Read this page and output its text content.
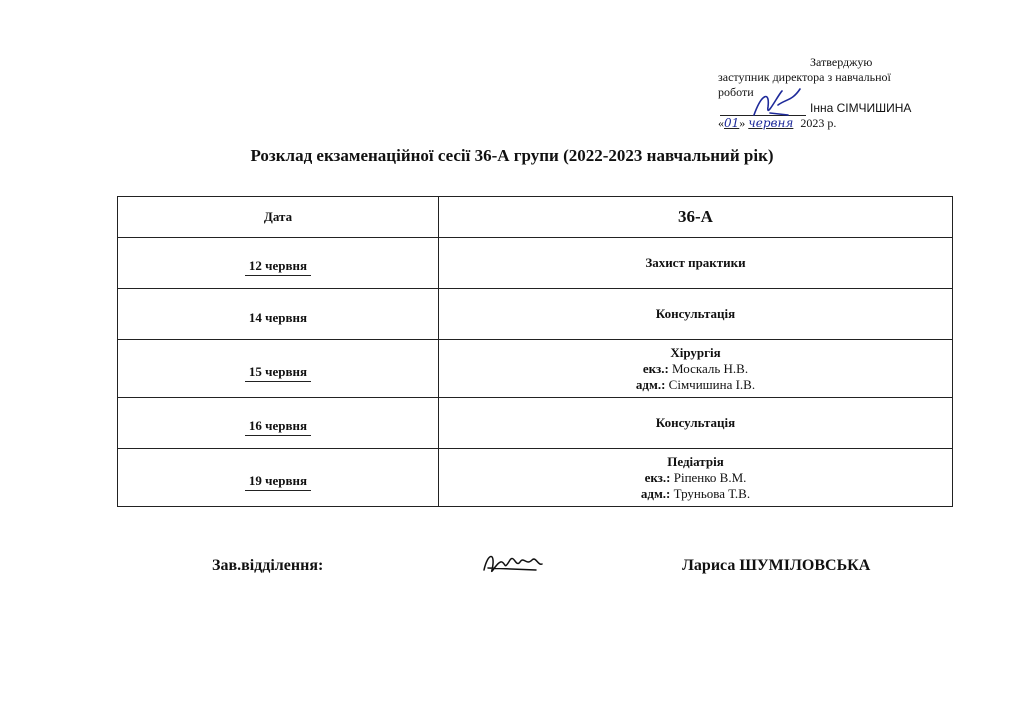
Затверджую
заступник директора з навчальної
роботи
Інна СІМЧИШИНА
«01» червня 2023 р.
Розклад екзаменаційної сесії 36-А групи (2022-2023 навчальний рік)
Дата	36-А
12 червня	Захист практики

14 червня	Консультація

15 червня	Хірургія
екз.: Москаль Н.В.
адм.: Сімчишина І.В.

16 червня	Консультація

19 червня	Педіатрія
екз.: Ріпенко В.М.
адм.: Труньова Т.В.
Зав.відділення:	Лариса ШУМІЛОВСЬКА
